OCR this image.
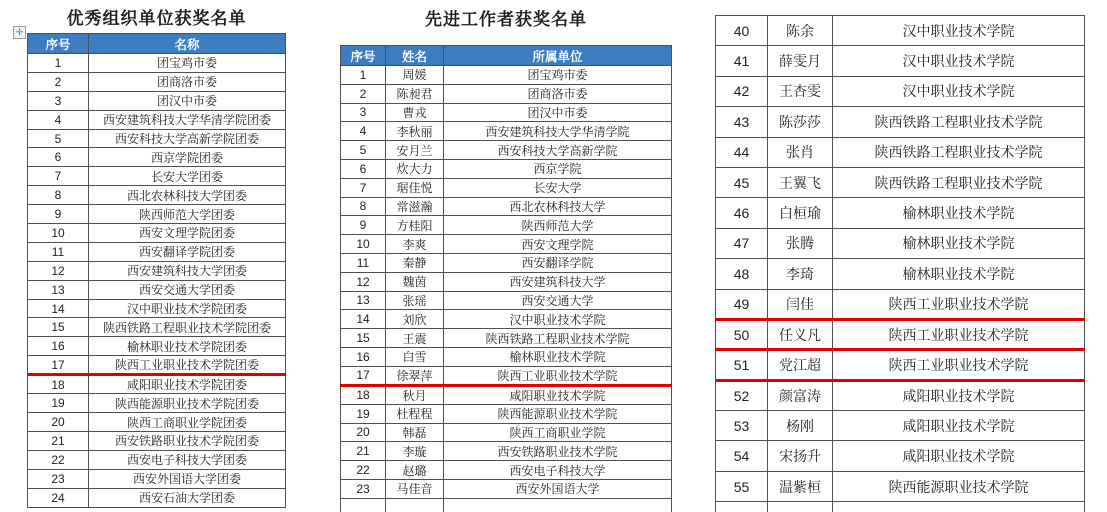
✛
优秀组织单位获奖名单	先进工作者获奖名单
序号	名称
1	团宝鸡市委
2	团商洛市委
3	团汉中市委
4	西安建筑科技大学华清学院团委
5	西安科技大学高新学院团委
6	西京学院团委
7	长安大学团委
8	西北农林科技大学团委
9	陕西师范大学团委
10	西安文理学院团委
11	西安翻译学院团委
12	西安建筑科技大学团委
13	西安交通大学团委
14	汉中职业技术学院团委
15	陕西铁路工程职业技术学院团委
16	榆林职业技术学院团委
17	陕西工业职业技术学院团委
18	咸阳职业技术学院团委
19	陕西能源职业技术学院团委
20	陕西工商职业学院团委
21	西安铁路职业技术学院团委
22	西安电子科技大学团委
23	西安外国语大学团委
24	西安石油大学团委
序号	姓名	所属单位
1	周媛	团宝鸡市委
2	陈昶君	团商洛市委
3	曹戎	团汉中市委
4	李秋丽	西安建筑科技大学华清学院
5	安月兰	西安科技大学高新学院
6	炊大力	西京学院
7	琚佳悦	长安大学
8	常滋瀚	西北农林科技大学
9	方桂阳	陕西师范大学
10	李爽	西安文理学院
11	秦静	西安翻译学院
12	魏茵	西安建筑科技大学
13	张瑶	西安交通大学
14	刘欣	汉中职业技术学院
15	王震	陕西铁路工程职业技术学院
16	白雪	榆林职业技术学院
17	徐翠萍	陕西工业职业技术学院
18	秋月	咸阳职业技术学院
19	杜程程	陕西能源职业技术学院
20	韩磊	陕西工商职业学院
21	李璇	西安铁路职业技术学院
22	赵璐	西安电子科技大学
23	马佳音	西安外国语大学

40	陈余	汉中职业技术学院
41	薛雯月	汉中职业技术学院
42	王杏雯	汉中职业技术学院
43	陈莎莎	陕西铁路工程职业技术学院
44	张肖	陕西铁路工程职业技术学院
45	王翼飞	陕西铁路工程职业技术学院
46	白桓瑜	榆林职业技术学院
47	张腾	榆林职业技术学院
48	李琦	榆林职业技术学院
49	闫佳	陕西工业职业技术学院
50	任义凡	陕西工业职业技术学院
51	党江超	陕西工业职业技术学院
52	颜富涛	咸阳职业技术学院
53	杨刚	咸阳职业技术学院
54	宋扬升	咸阳职业技术学院
55	温紫桓	陕西能源职业技术学院
